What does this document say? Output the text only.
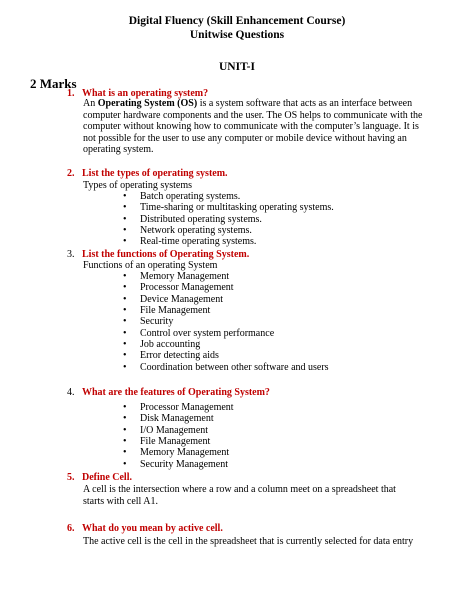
Digital Fluency (Skill Enhancement Course)
Unitwise Questions
UNIT-I
2 Marks
1. What is an operating system?
An Operating System (OS) is a system software that acts as an interface between computer hardware components and the user. The OS helps to communicate with the computer without knowing how to communicate with the computer’s language. It is not possible for the user to use any computer or mobile device without having an operating system.
2. List the types of operating system.
Types of operating systems
• Batch operating systems.
• Time-sharing or multitasking operating systems.
• Distributed operating systems.
• Network operating systems.
• Real-time operating systems.
3. List the functions of Operating System.
Functions of an operating System
• Memory Management
• Processor Management
• Device Management
• File Management
• Security
• Control over system performance
• Job accounting
• Error detecting aids
• Coordination between other software and users
4. What are the features of Operating System?
• Processor Management
• Disk Management
• I/O Management
• File Management
• Memory Management
• Security Management
5. Define Cell.
A cell is the intersection where a row and a column meet on a spreadsheet that starts with cell A1.
6. What do you mean by active cell.
The active cell is the cell in the spreadsheet that is currently selected for data entry
